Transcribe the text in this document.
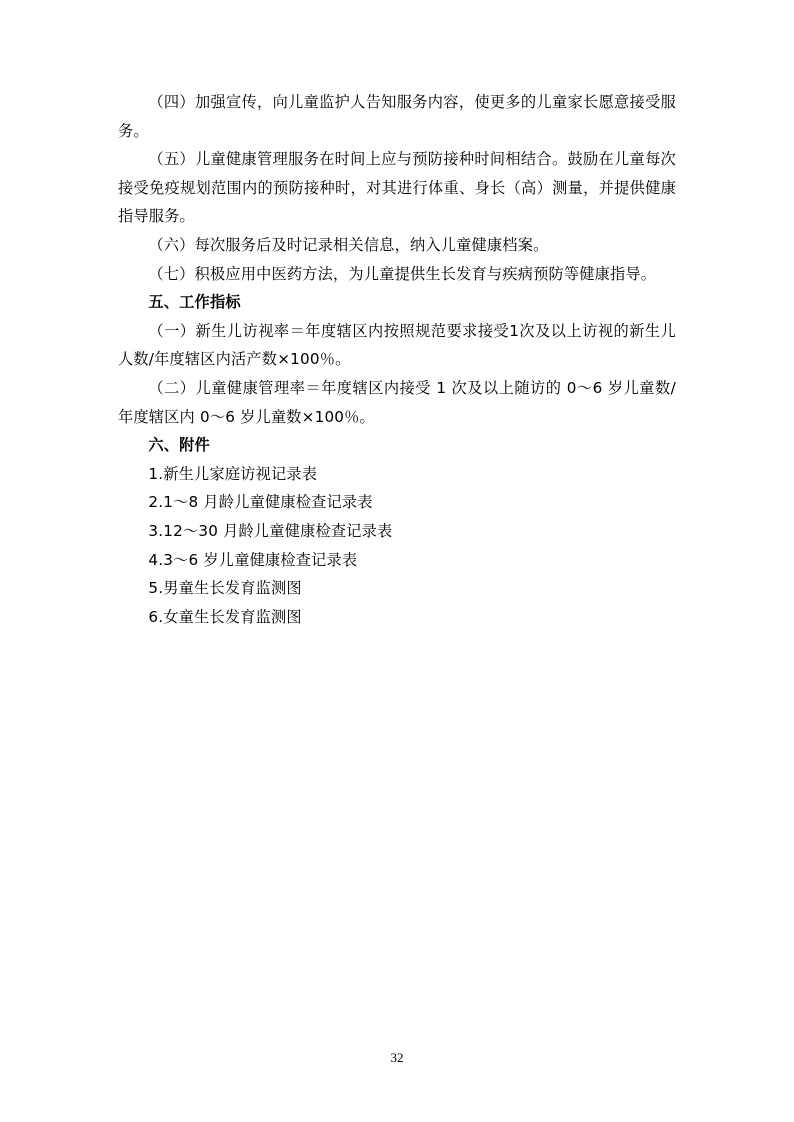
（四）加强宣传，向儿童监护人告知服务内容，使更多的儿童家长愿意接受服务。

（五）儿童健康管理服务在时间上应与预防接种时间相结合。鼓励在儿童每次接受免疫规划范围内的预防接种时，对其进行体重、身长（高）测量，并提供健康指导服务。

（六）每次服务后及时记录相关信息，纳入儿童健康档案。

（七）积极应用中医药方法，为儿童提供生长发育与疾病预防等健康指导。

五、工作指标

（一）新生儿访视率＝年度辖区内按照规范要求接受1次及以上访视的新生儿人数/年度辖区内活产数×100％。

（二）儿童健康管理率＝年度辖区内接受 1 次及以上随访的 0～6 岁儿童数/年度辖区内 0～6 岁儿童数×100％。

六、附件

1.新生儿家庭访视记录表

2.1～8 月龄儿童健康检查记录表

3.12～30 月龄儿童健康检查记录表

4.3～6 岁儿童健康检查记录表

5.男童生长发育监测图

6.女童生长发育监测图

32
